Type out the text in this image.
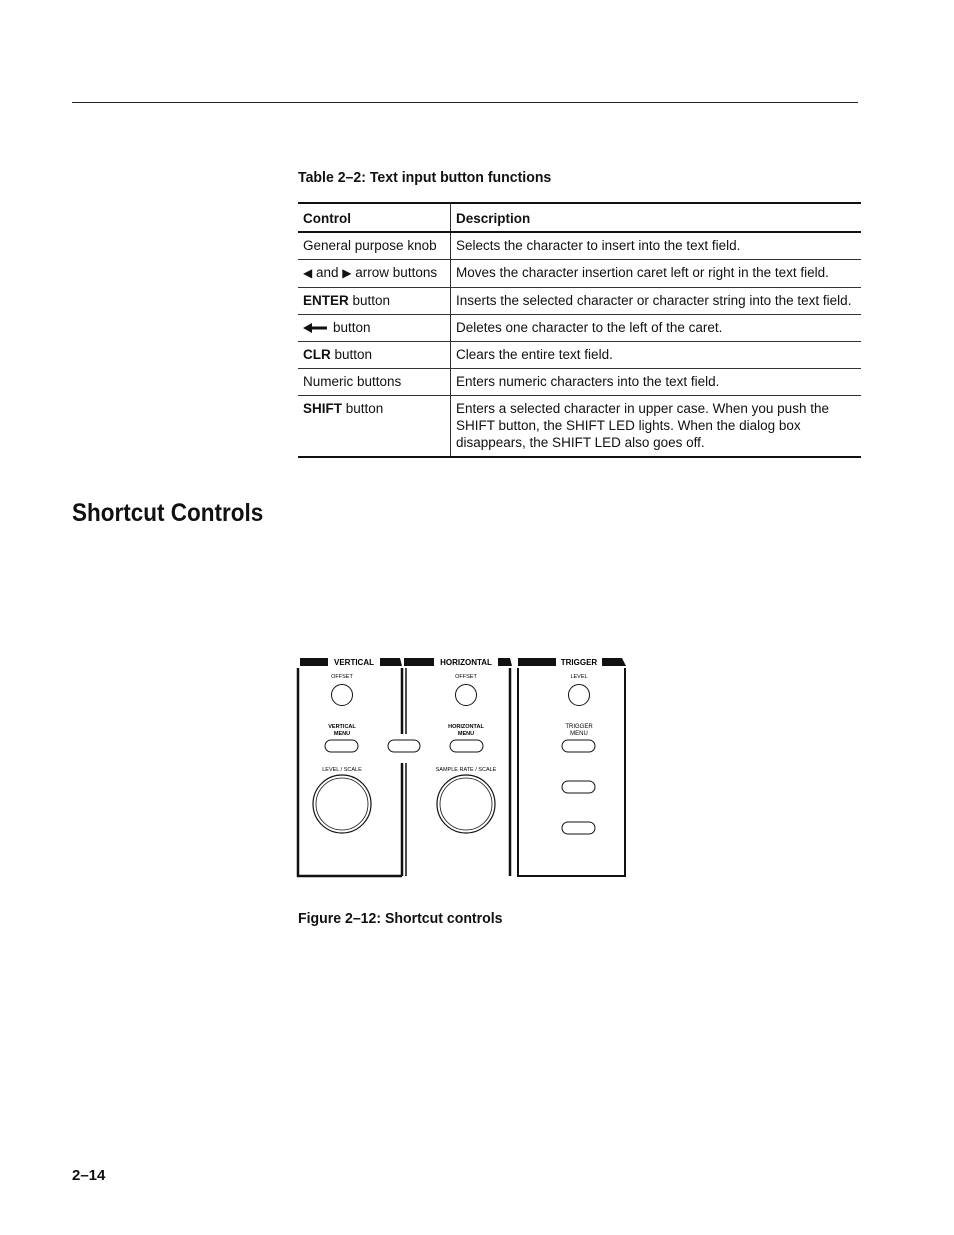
Table 2–2: Text input button functions
Control	Description
General purpose knob	Selects the character to insert into the text field.
◀ and ▶ arrow buttons	Moves the character insertion caret left or right in the text field.
ENTER button	Inserts the selected character or character string into the text field.
button	Deletes one character to the left of the caret.
CLR button	Clears the entire text field.
Numeric buttons	Enters numeric characters into the text field.
SHIFT button	Enters a selected character in upper case. When you push the SHIFT button, the SHIFT LED lights. When the dialog box disappears, the SHIFT LED also goes off.
Shortcut Controls
VERTICAL
OFFSET
VERTICAL
MENU
LEVEL / SCALE
HORIZONTAL
OFFSET
HORIZONTAL
MENU
SAMPLE RATE / SCALE
TRIGGER
LEVEL
TRIGGER
MENU
Figure 2–12: Shortcut controls
2–14
